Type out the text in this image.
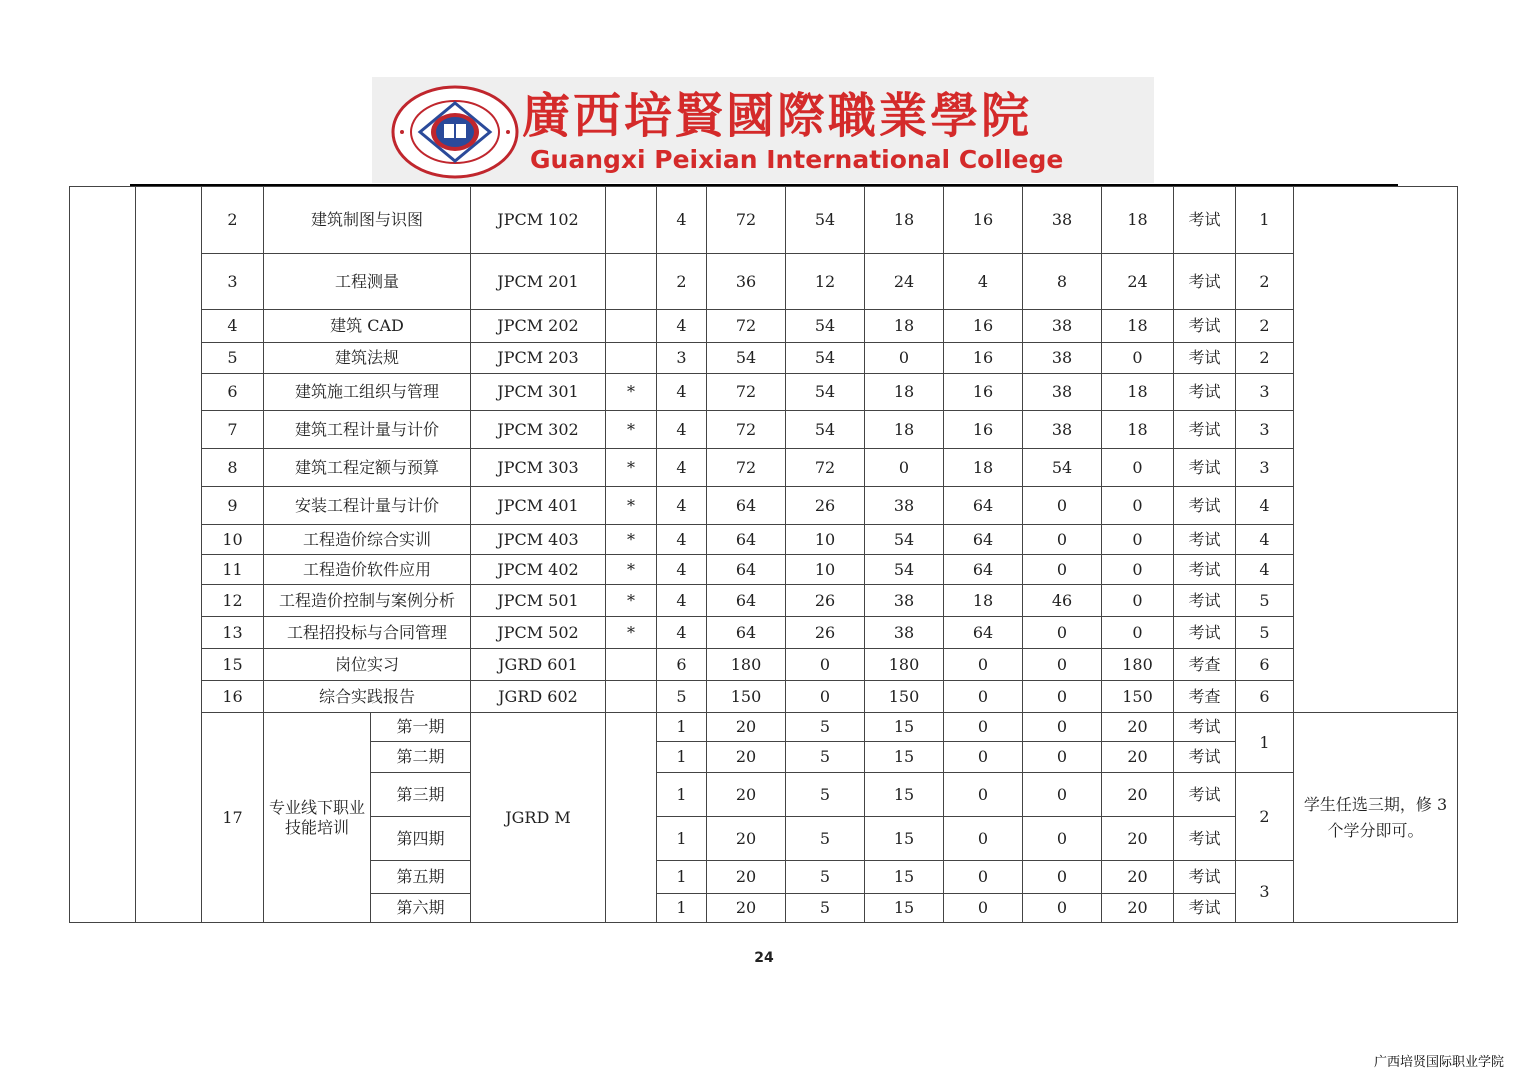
廣西培賢國際職業學院
Guangxi Peixian International College
		2	建筑制图与识图		JPCM 102		4	72	54	18	16	38	18	考试	1	
		3	工程测量		JPCM 201		2	36	12	24	4	8	24	考试	2	
		4	建筑 CAD		JPCM 202		4	72	54	18	16	38	18	考试	2	
		5	建筑法规		JPCM 203		3	54	54	0	16	38	0	考试	2	
		6	建筑施工组织与管理		JPCM 301	*	4	72	54	18	16	38	18	考试	3	
		7	建筑工程计量与计价		JPCM 302	*	4	72	54	18	16	38	18	考试	3	
		8	建筑工程定额与预算		JPCM 303	*	4	72	72	0	18	54	0	考试	3	
		9	安装工程计量与计价		JPCM 401	*	4	64	26	38	64	0	0	考试	4	
		10	工程造价综合实训		JPCM 403	*	4	64	10	54	64	0	0	考试	4	
		11	工程造价软件应用		JPCM 402	*	4	64	10	54	64	0	0	考试	4	
		12	工程造价控制与案例分析		JPCM 501	*	4	64	26	38	18	46	0	考试	5	
		13	工程招投标与合同管理		JPCM 502	*	4	64	26	38	64	0	0	考试	5	
		15	岗位实习		JGRD 601		6	180	0	180	0	0	180	考查	6	
		16	综合实践报告		JGRD 602		5	150	0	150	0	0	150	考查	6	
		17	专业线下职业技能培训	第一期	JGRD M		1	20	5	15	0	0	20	考试	1	学生任选三期，修 3 个学分即可。
				第二期			1	20	5	15	0	0	20	考试		
				第三期			1	20	5	15	0	0	20	考试	2	
				第四期			1	20	5	15	0	0	20	考试		
				第五期			1	20	5	15	0	0	20	考试	3	
				第六期			1	20	5	15	0	0	20	考试		
24
广西培贤国际职业学院
